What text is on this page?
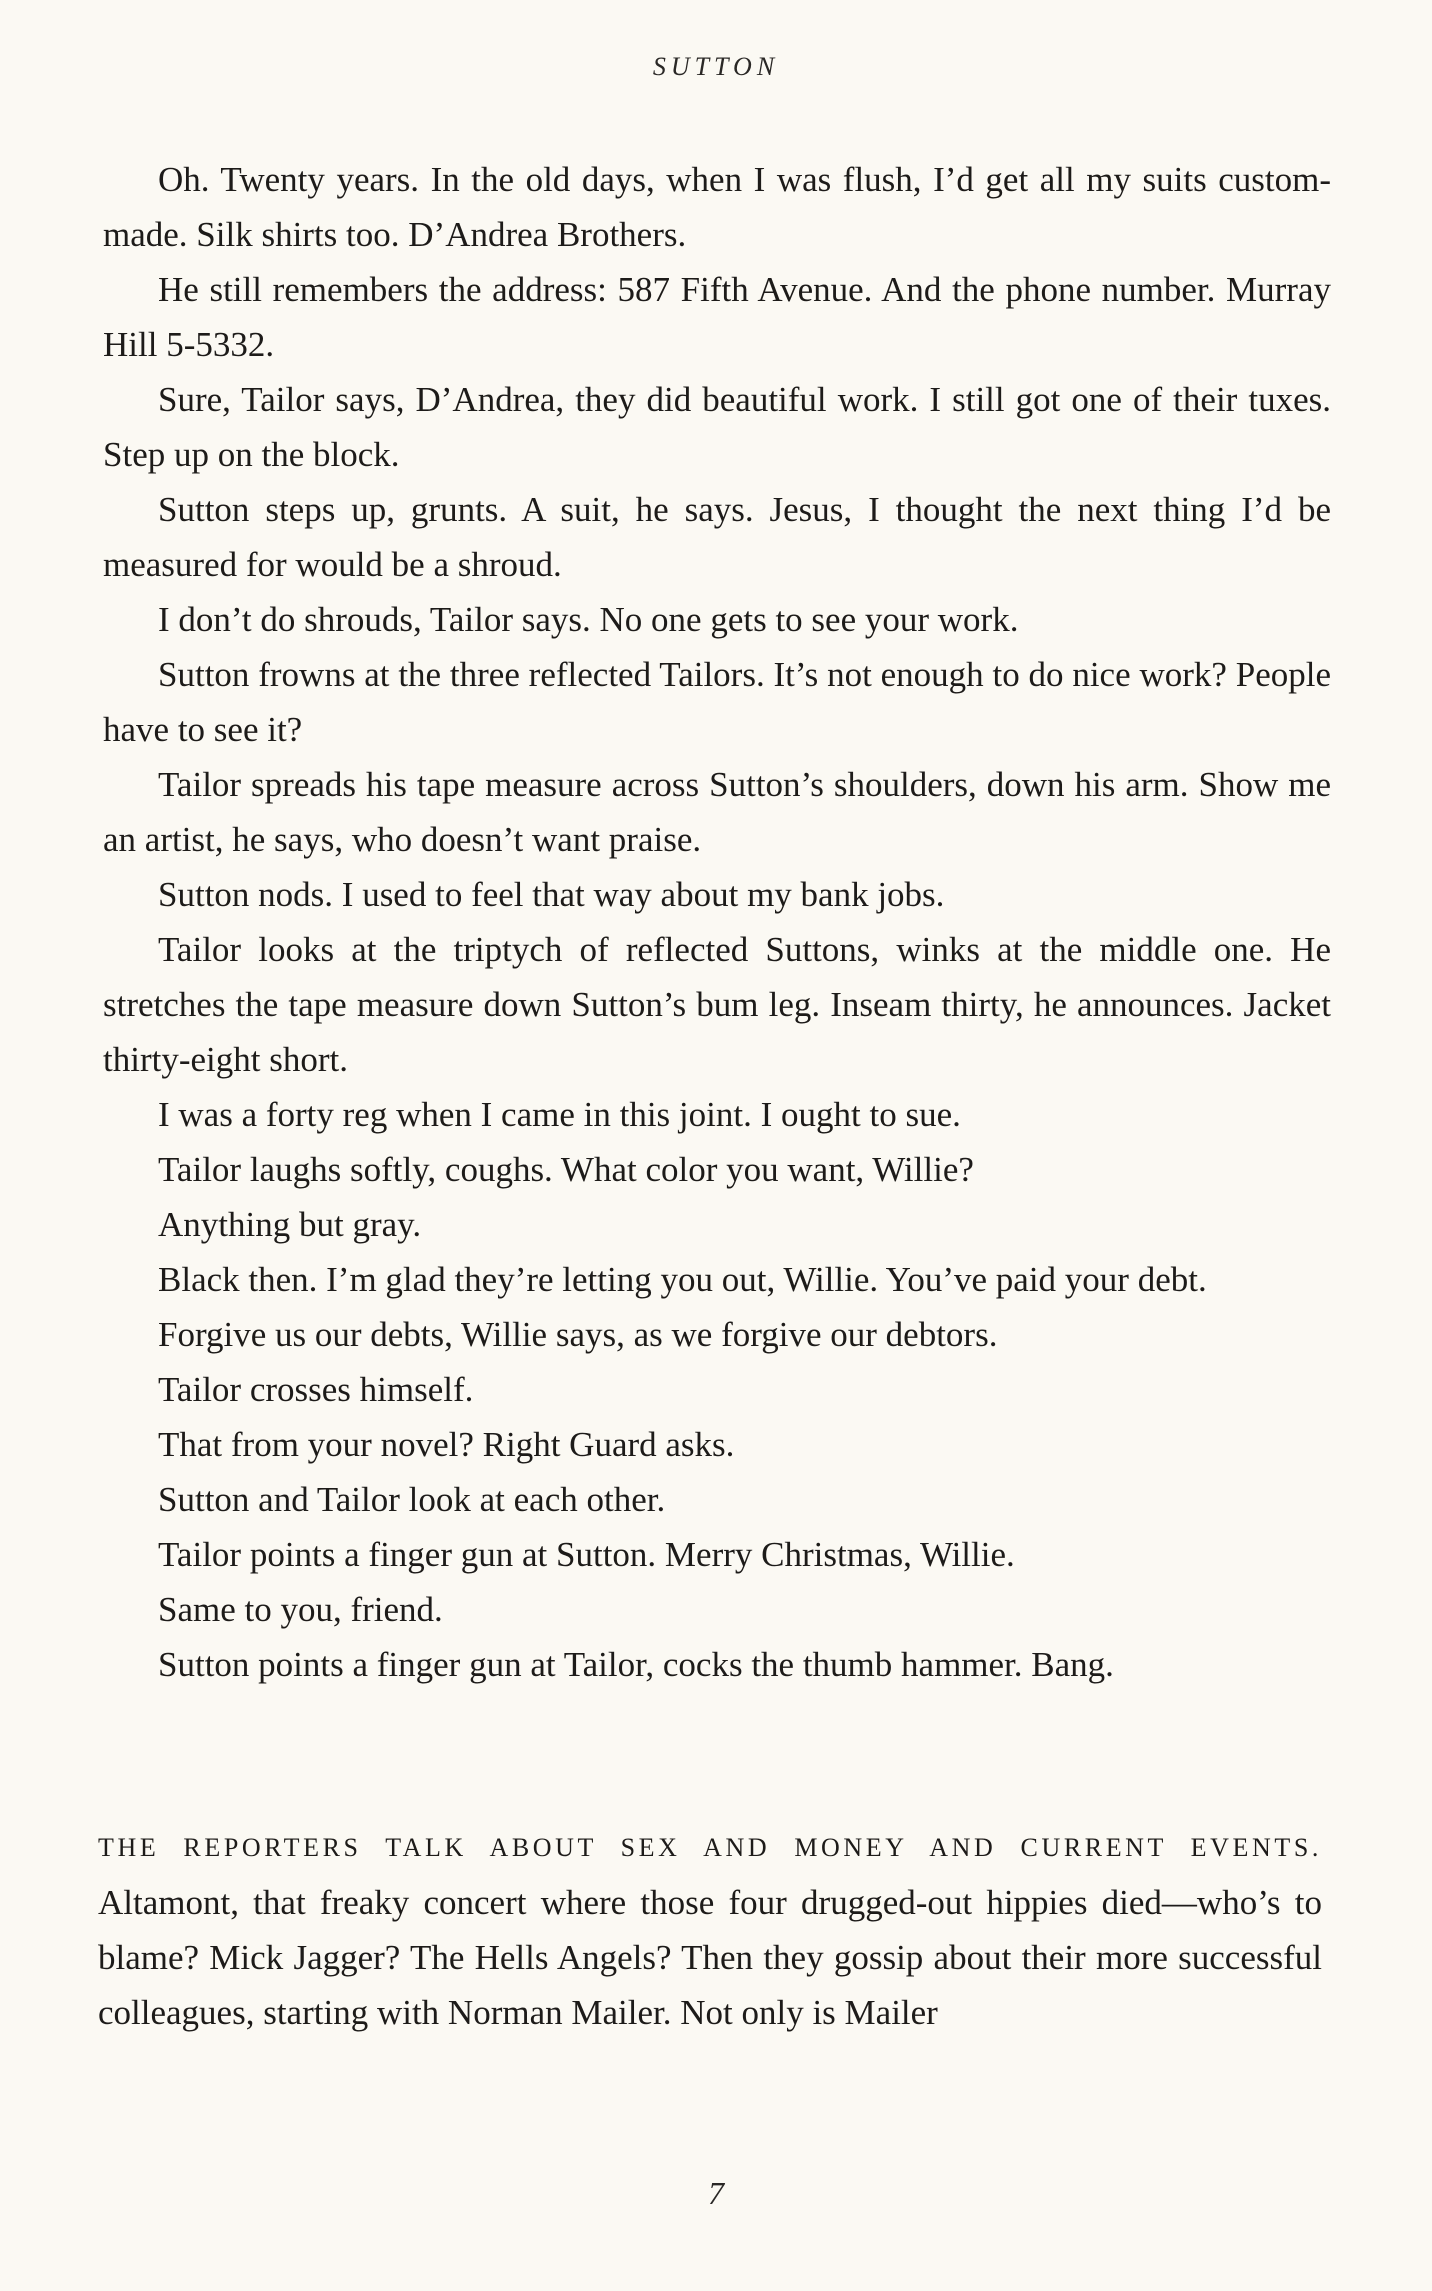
SUTTON

Oh. Twenty years. In the old days, when I was flush, I’d get all my suits custom-made. Silk shirts too. D’Andrea Brothers.

He still remembers the address: 587 Fifth Avenue. And the phone number. Murray Hill 5-5332.

Sure, Tailor says, D’Andrea, they did beautiful work. I still got one of their tuxes. Step up on the block.

Sutton steps up, grunts. A suit, he says. Jesus, I thought the next thing I’d be measured for would be a shroud.

I don’t do shrouds, Tailor says. No one gets to see your work.

Sutton frowns at the three reflected Tailors. It’s not enough to do nice work? People have to see it?

Tailor spreads his tape measure across Sutton’s shoulders, down his arm. Show me an artist, he says, who doesn’t want praise.

Sutton nods. I used to feel that way about my bank jobs.

Tailor looks at the triptych of reflected Suttons, winks at the middle one. He stretches the tape measure down Sutton’s bum leg. Inseam thirty, he announces. Jacket thirty-eight short.

I was a forty reg when I came in this joint. I ought to sue.

Tailor laughs softly, coughs. What color you want, Willie?

Anything but gray.

Black then. I’m glad they’re letting you out, Willie. You’ve paid your debt.

Forgive us our debts, Willie says, as we forgive our debtors.

Tailor crosses himself.

That from your novel? Right Guard asks.

Sutton and Tailor look at each other.

Tailor points a finger gun at Sutton. Merry Christmas, Willie.

Same to you, friend.

Sutton points a finger gun at Tailor, cocks the thumb hammer. Bang.

THE REPORTERS TALK ABOUT SEX AND MONEY AND CURRENT EVENTS. Altamont, that freaky concert where those four drugged-out hippies died—who’s to blame? Mick Jagger? The Hells Angels? Then they gossip about their more successful colleagues, starting with Norman Mailer. Not only is Mailer

7
